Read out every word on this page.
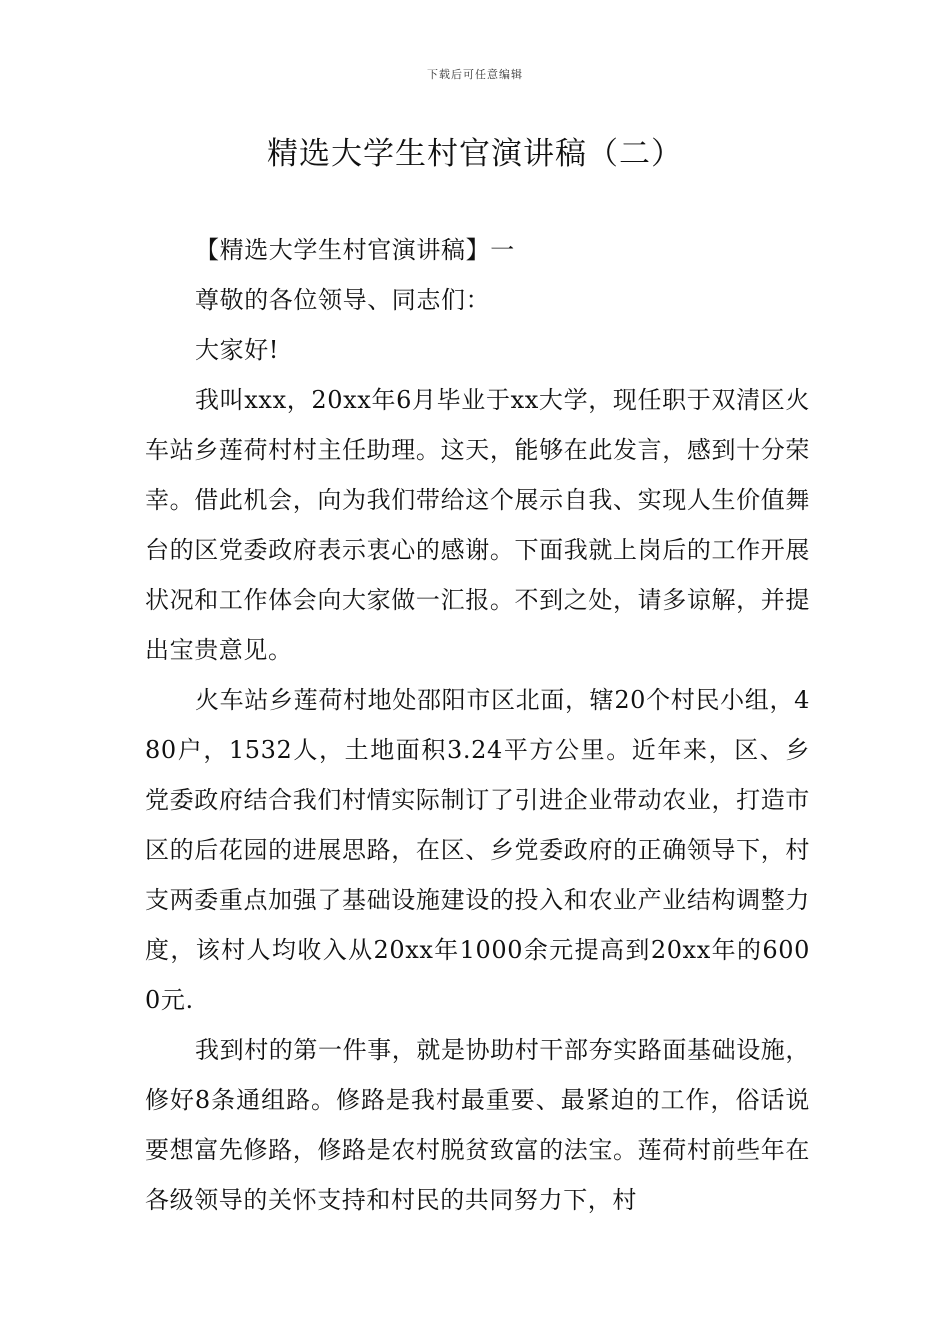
下载后可任意编辑
精选大学生村官演讲稿（二）

【精选大学生村官演讲稿】一

尊敬的各位领导、同志们：

大家好!

我叫xxx，20xx年6月毕业于xx大学，现任职于双清区火车站乡莲荷村村主任助理。这天，能够在此发言，感到十分荣幸。借此机会，向为我们带给这个展示自我、实现人生价值舞台的区党委政府表示衷心的感谢。下面我就上岗后的工作开展状况和工作体会向大家做一汇报。不到之处，请多谅解，并提出宝贵意见。

火车站乡莲荷村地处邵阳市区北面，辖20个村民小组，480户，1532人，土地面积3.24平方公里。近年来，区、乡党委政府结合我们村情实际制订了引进企业带动农业，打造市区的后花园的进展思路，在区、乡党委政府的正确领导下，村支两委重点加强了基础设施建设的投入和农业产业结构调整力度，该村人均收入从20xx年1000余元提高到20xx年的6000元.

我到村的第一件事，就是协助村干部夯实路面基础设施，修好8条通组路。修路是我村最重要、最紧迫的工作，俗话说要想富先修路，修路是农村脱贫致富的法宝。莲荷村前些年在各级领导的关怀支持和村民的共同努力下，村
